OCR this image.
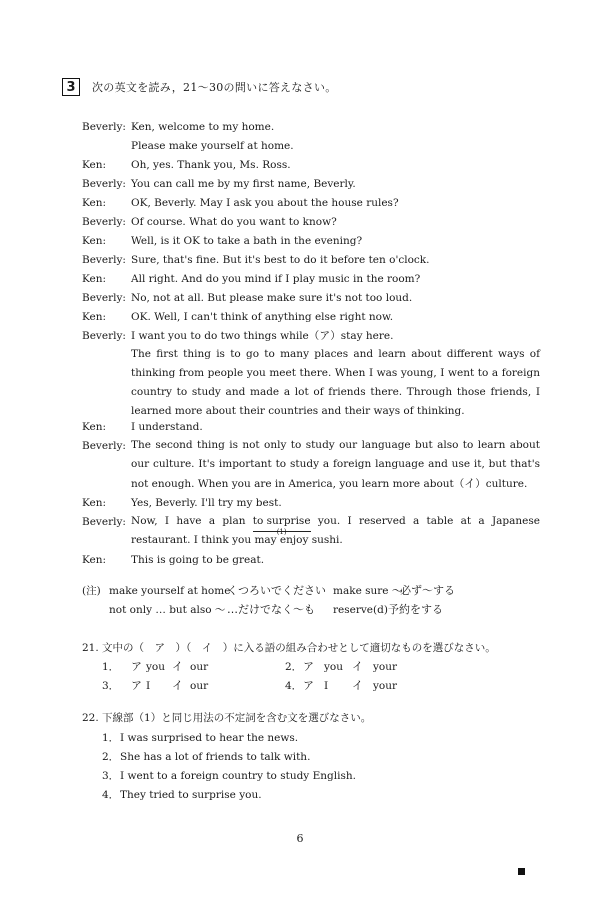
3	次の英文を読み，21～30の問いに答えなさい。
Beverly: Ken, welcome to my home.
Please make yourself at home.
Ken: Oh, yes. Thank you, Ms. Ross.
Beverly: You can call me by my first name, Beverly.
Ken: OK, Beverly. May I ask you about the house rules?
Beverly: Of course. What do you want to know?
Ken: Well, is it OK to take a bath in the evening?
Beverly: Sure, that's fine. But it's best to do it before ten o'clock.
Ken: All right. And do you mind if I play music in the room?
Beverly: No, not at all. But please make sure it's not too loud.
Ken: OK. Well, I can't think of anything else right now.
Beverly: I want you to do two things while（ア）stay here.
The first thing is to go to many places and learn about different ways of thinking from people you meet there. When I was young, I went to a foreign country to study and made a lot of friends there. Through those friends, I learned more about their countries and their ways of thinking.
Ken: I understand.
Beverly: The second thing is not only to study our language but also to learn about our culture. It's important to study a foreign language and use it, but that's not enough. When you are in America, you learn more about（イ）culture.
Ken: Yes, Beverly. I'll try my best.
Beverly: Now, I have a plan to surprise
(1)
you. I reserved a table at a Japanese restaurant. I think you may enjoy sushi.
Ken: This is going to be great.
(注) make yourself at home
くつろいでください make sure ～
必ず～する
not only … but also ～ …だけでなく～も reserve(d) 予約をする
21. 文中の（　ア　）（　イ　）に入る語の組み合わせとして適切なものを選びなさい。
1． ア you イ our	2． ア you イ your
3． ア I イ our	4． ア I イ your
22. 下線部（1）と同じ用法の不定詞を含む文を選びなさい。
1． I was surprised to hear the news.
2． She has a lot of friends to talk with.
3． I went to a foreign country to study English.
4． They tried to surprise you.
6
